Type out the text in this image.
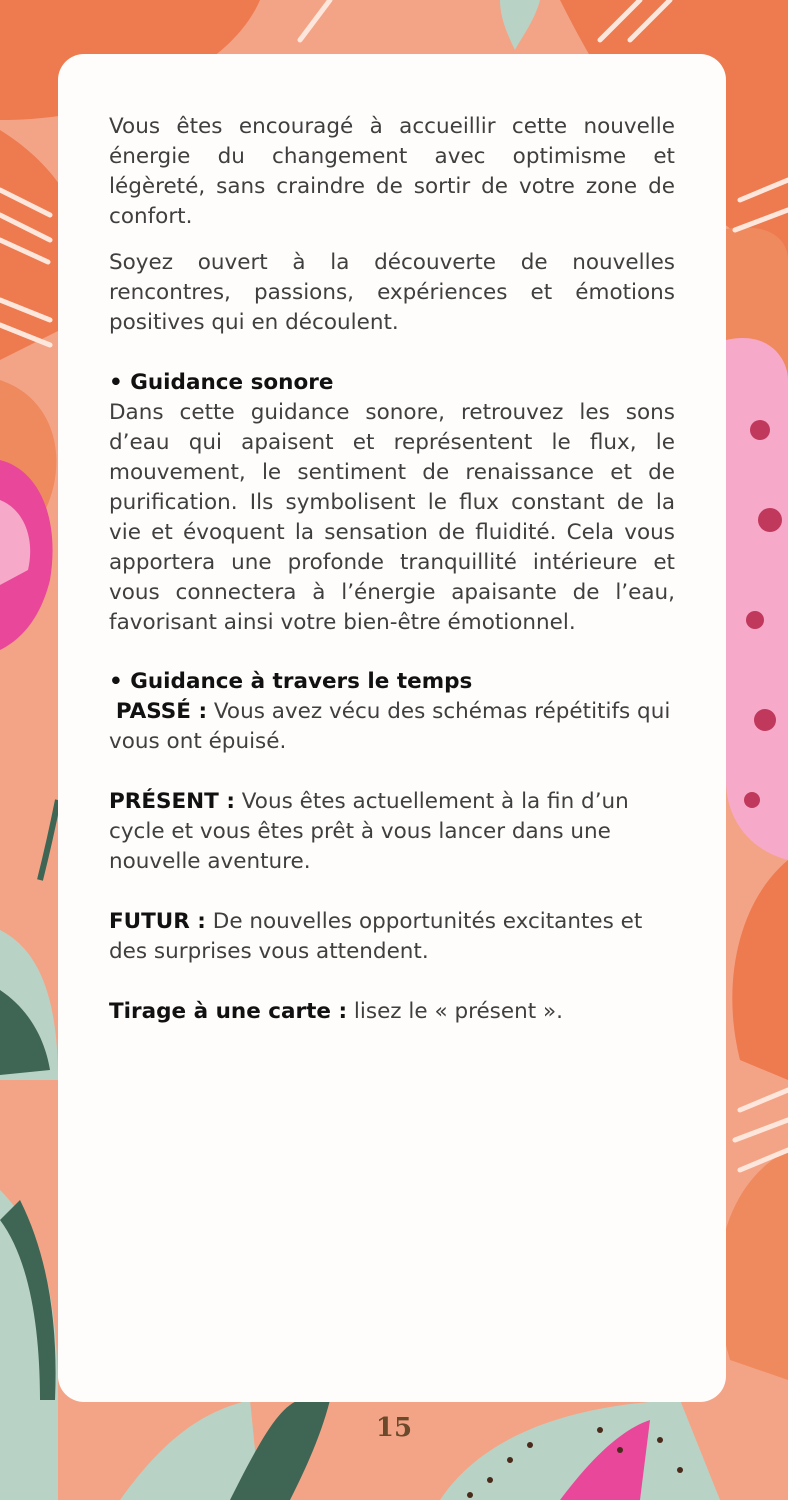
Vous êtes encouragé à accueillir cette nouvelle énergie du changement avec optimisme et légèreté, sans craindre de sortir de votre zone de confort.

Soyez ouvert à la découverte de nouvelles rencontres, passions, expériences et émotions positives qui en découlent.

• Guidance sonore

Dans cette guidance sonore, retrouvez les sons d’eau qui apaisent et représentent le flux, le mouvement, le sentiment de renaissance et de purification. Ils symbolisent le flux constant de la vie et évoquent la sensation de fluidité. Cela vous apportera une profonde tranquillité intérieure et vous connectera à l’énergie apaisante de l’eau, favorisant ainsi votre bien-être émotionnel.

• Guidance à travers le temps

PASSÉ : Vous avez vécu des schémas répétitifs qui vous ont épuisé.

PRÉSENT : Vous êtes actuellement à la fin d’un cycle et vous êtes prêt à vous lancer dans une nouvelle aventure.

FUTUR : De nouvelles opportunités excitantes et des surprises vous attendent.

Tirage à une carte : lisez le « présent ».

15
